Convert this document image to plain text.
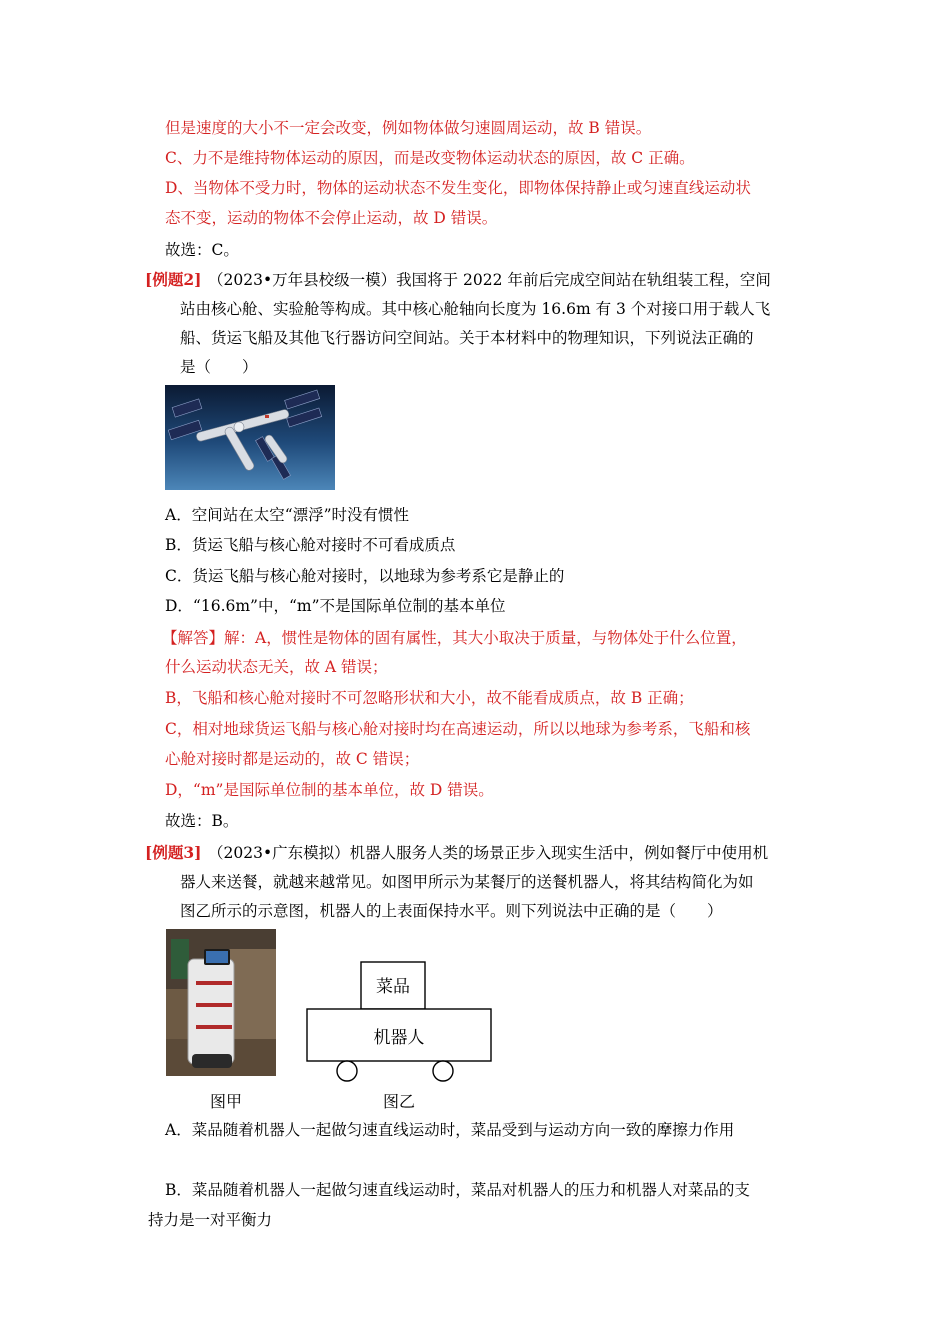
但是速度的大小不一定会改变，例如物体做匀速圆周运动，故 B 错误。
C、力不是维持物体运动的原因，而是改变物体运动状态的原因，故 C 正确。
D、当物体不受力时，物体的运动状态不发生变化，即物体保持静止或匀速直线运动状
态不变，运动的物体不会停止运动，故 D 错误。
故选：C。
[例题2] （2023•万年县校级一模）我国将于 2022 年前后完成空间站在轨组装工程，空间
站由核心舱、实验舱等构成。其中核心舱轴向长度为 16.6m 有 3 个对接口用于载人飞
船、货运飞船及其他飞行器访问空间站。关于本材料中的物理知识，下列说法正确的
是（　　）
A．空间站在太空“漂浮”时没有惯性
B．货运飞船与核心舱对接时不可看成质点
C．货运飞船与核心舱对接时，以地球为参考系它是静止的
D．“16.6m”中，“m”不是国际单位制的基本单位
【解答】解：A，惯性是物体的固有属性，其大小取决于质量，与物体处于什么位置，
什么运动状态无关，故 A 错误；
B，飞船和核心舱对接时不可忽略形状和大小，故不能看成质点，故 B 正确；
C，相对地球货运飞船与核心舱对接时均在高速运动，所以以地球为参考系，飞船和核
心舱对接时都是运动的，故 C 错误；
D，“m”是国际单位制的基本单位，故 D 错误。
故选：B。
[例题3] （2023•广东模拟）机器人服务人类的场景正步入现实生活中，例如餐厅中使用机
器人来送餐，就越来越常见。如图甲所示为某餐厅的送餐机器人，将其结构简化为如
图乙所示的示意图，机器人的上表面保持水平。则下列说法中正确的是（　　）
图甲
菜品
机器人
图乙
A．菜品随着机器人一起做匀速直线运动时，菜品受到与运动方向一致的摩擦力作用
B．菜品随着机器人一起做匀速直线运动时，菜品对机器人的压力和机器人对菜品的支
持力是一对平衡力
